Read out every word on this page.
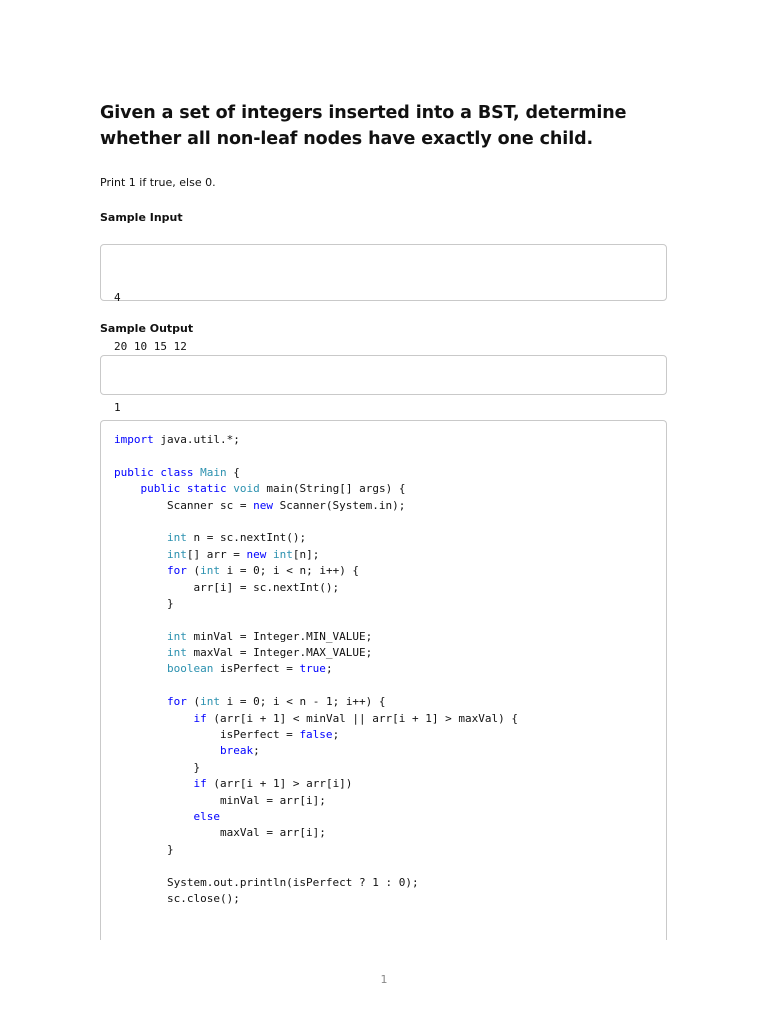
Given a set of integers inserted into a BST, determine whether all non-leaf nodes have exactly one child.

Print 1 if true, else 0.

Sample Input

4

20 10 15 12

Sample Output

1

import java.util.*;
public class Main {
public static void main(String[] args) {
Scanner sc = new Scanner(System.in);
int n = sc.nextInt();
int[] arr = new int[n];
for (int i = 0; i < n; i++) {
arr[i] = sc.nextInt();
}
int minVal = Integer.MIN_VALUE;
int maxVal = Integer.MAX_VALUE;
boolean isPerfect = true;
for (int i = 0; i < n - 1; i++) {
if (arr[i + 1] < minVal || arr[i + 1] > maxVal) {
isPerfect = false;
break;
}
if (arr[i + 1] > arr[i])
minVal = arr[i];
else
maxVal = arr[i];
}
System.out.println(isPerfect ? 1 : 0);
sc.close();
1
